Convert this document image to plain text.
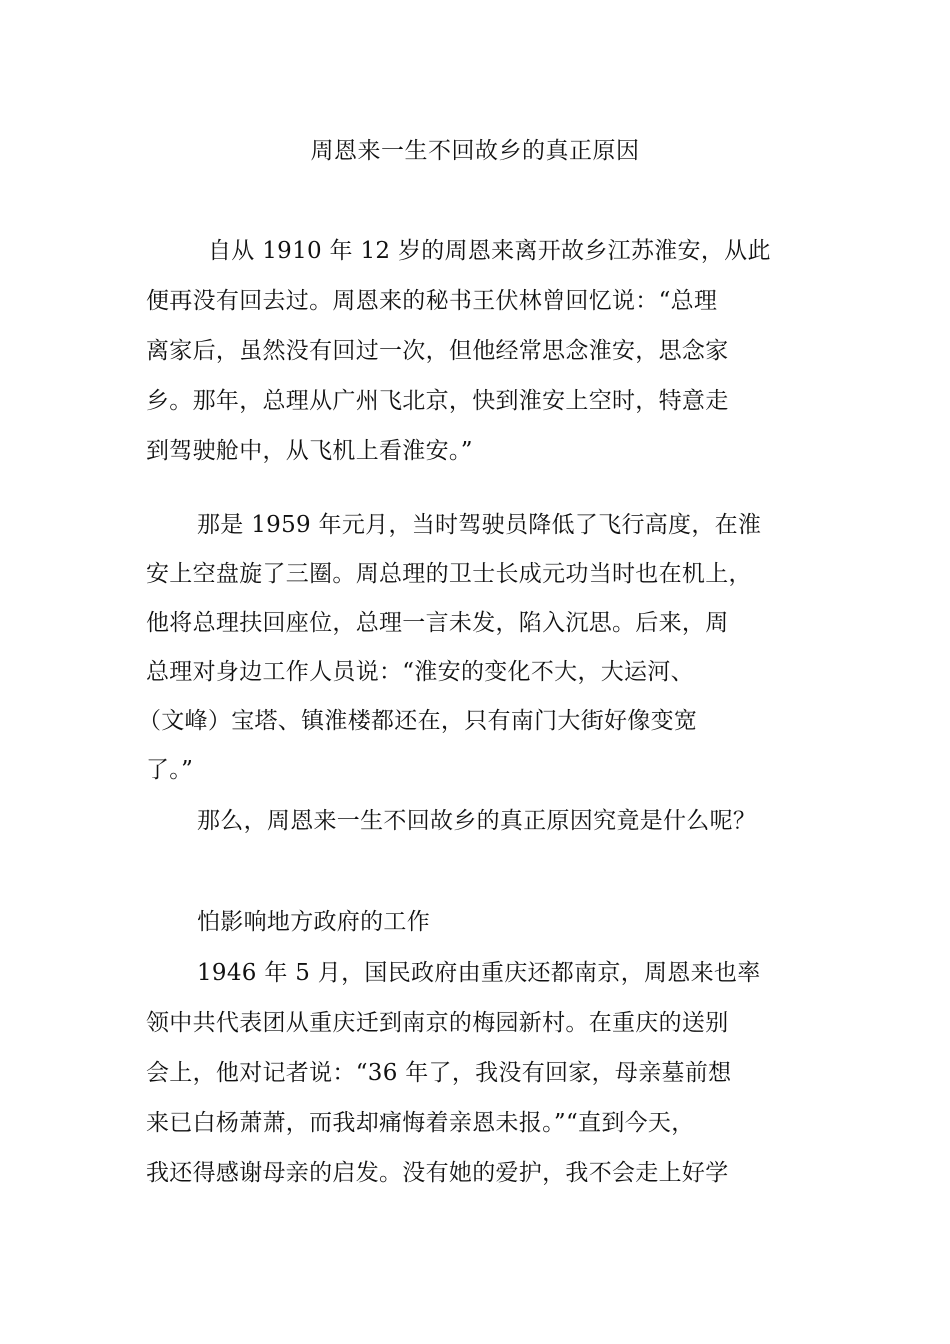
周恩来一生不回故乡的真正原因
自从 1910 年 12 岁的周恩来离开故乡江苏淮安，从此
便再没有回去过。周恩来的秘书王伏林曾回忆说：“总理
离家后，虽然没有回过一次，但他经常思念淮安，思念家
乡。那年，总理从广州飞北京，快到淮安上空时，特意走
到驾驶舱中，从飞机上看淮安。”
那是 1959 年元月，当时驾驶员降低了飞行高度，在淮
安上空盘旋了三圈。周总理的卫士长成元功当时也在机上，
他将总理扶回座位，总理一言未发，陷入沉思。后来，周
总理对身边工作人员说：“淮安的变化不大，大运河、
（文峰）宝塔、镇淮楼都还在，只有南门大街好像变宽
了。”
那么，周恩来一生不回故乡的真正原因究竟是什么呢？
怕影响地方政府的工作
1946 年 5 月，国民政府由重庆还都南京，周恩来也率
领中共代表团从重庆迁到南京的梅园新村。在重庆的送别
会上，他对记者说：“36 年了，我没有回家，母亲墓前想
来已白杨萧萧，而我却痛悔着亲恩未报。”“直到今天，
我还得感谢母亲的启发。没有她的爱护，我不会走上好学
